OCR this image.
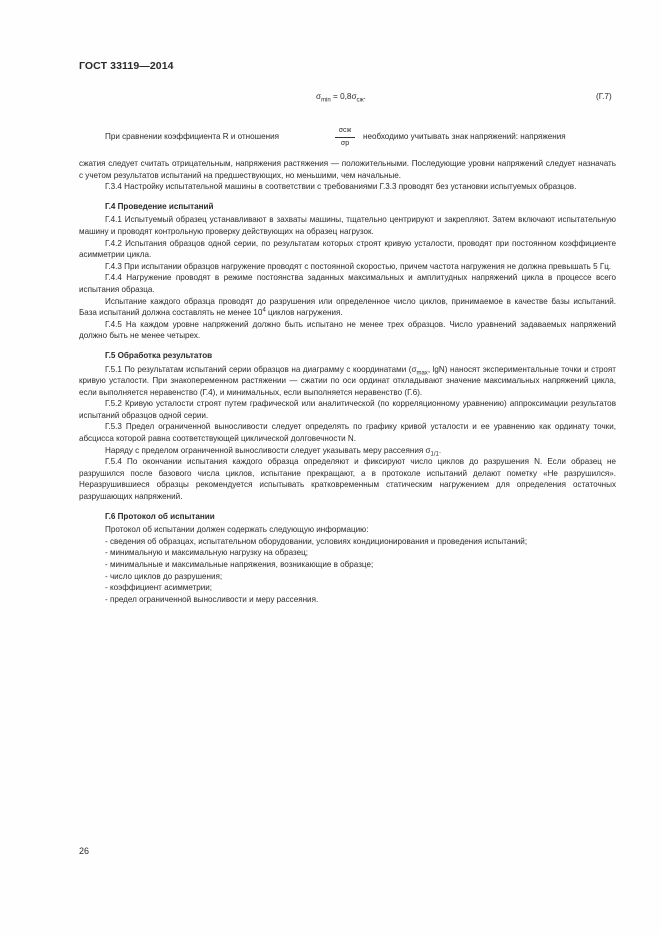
ГОСТ 33119—2014
$\sigma_{min} = 0,8\sigma_{сж}$.	(Г.7)
При сравнении коэффициента R и отношения
σсж
σр
необходимо учитывать знак напряжений: напряжения

сжатия следует считать отрицательным, напряжения растяжения — положительными. Последующие уровни напряжений следует назначать с учетом результатов испытаний на предшествующих, но меньшими, чем начальные.

Г.3.4 Настройку испытательной машины в соответствии с требованиями Г.3.3 проводят без установки испытуемых образцов.

Г.4 Проведение испытаний

Г.4.1 Испытуемый образец устанавливают в захваты машины, тщательно центрируют и закрепляют. Затем включают испытательную машину и проводят контрольную проверку действующих на образец нагрузок.

Г.4.2 Испытания образцов одной серии, по результатам которых строят кривую усталости, проводят при постоянном коэффициенте асимметрии цикла.

Г.4.3 При испытании образцов нагружение проводят с постоянной скоростью, причем частота нагружения не должна превышать 5 Гц.

Г.4.4 Нагружение проводят в режиме постоянства заданных максимальных и амплитудных напряжений цикла в процессе всего испытания образца.

Испытание каждого образца проводят до разрушения или определенное число циклов, принимаемое в качестве базы испытаний. База испытаний должна составлять не менее $10^4$ циклов нагружения.

Г.4.5 На каждом уровне напряжений должно быть испытано не менее трех образцов. Число уравнений задаваемых напряжений должно быть не менее четырех.

Г.5 Обработка результатов

Г.5.1 По результатам испытаний серии образцов на диаграмму с координатами ($\sigma_{max}$, lgN) наносят экспериментальные точки и строят кривую усталости. При знакопеременном растяжении — сжатии по оси ординат откладывают значение максимальных напряжений цикла, если выполняется неравенство (Г.4), и минимальных, если выполняется неравенство (Г.6).

Г.5.2 Кривую усталости строят путем графической или аналитической (по корреляционному уравнению) аппроксимации результатов испытаний образцов одной серии.

Г.5.3 Предел ограниченной выносливости следует определять по графику кривой усталости и ее уравнению как ординату точки, абсцисса которой равна соответствующей циклической долговечности N.

Наряду с пределом ограниченной выносливости следует указывать меру рассеяния $\sigma_{1/1}$.

Г.5.4 По окончании испытания каждого образца определяют и фиксируют число циклов до разрушения N. Если образец не разрушился после базового числа циклов, испытание прекращают, а в протоколе испытаний делают пометку «Не разрушился». Неразрушившиеся образцы рекомендуется испытывать кратковременным статическим нагружением для определения остаточных разрушающих напряжений.

Г.6 Протокол об испытании
Протокол об испытании должен содержать следующую информацию:
- сведения об образцах, испытательном оборудовании, условиях кондиционирования и проведения испытаний;
- минимальную и максимальную нагрузку на образец;
- минимальные и максимальные напряжения, возникающие в образце;
- число циклов до разрушения;
- коэффициент асимметрии;
- предел ограниченной выносливости и меру рассеяния.
26
